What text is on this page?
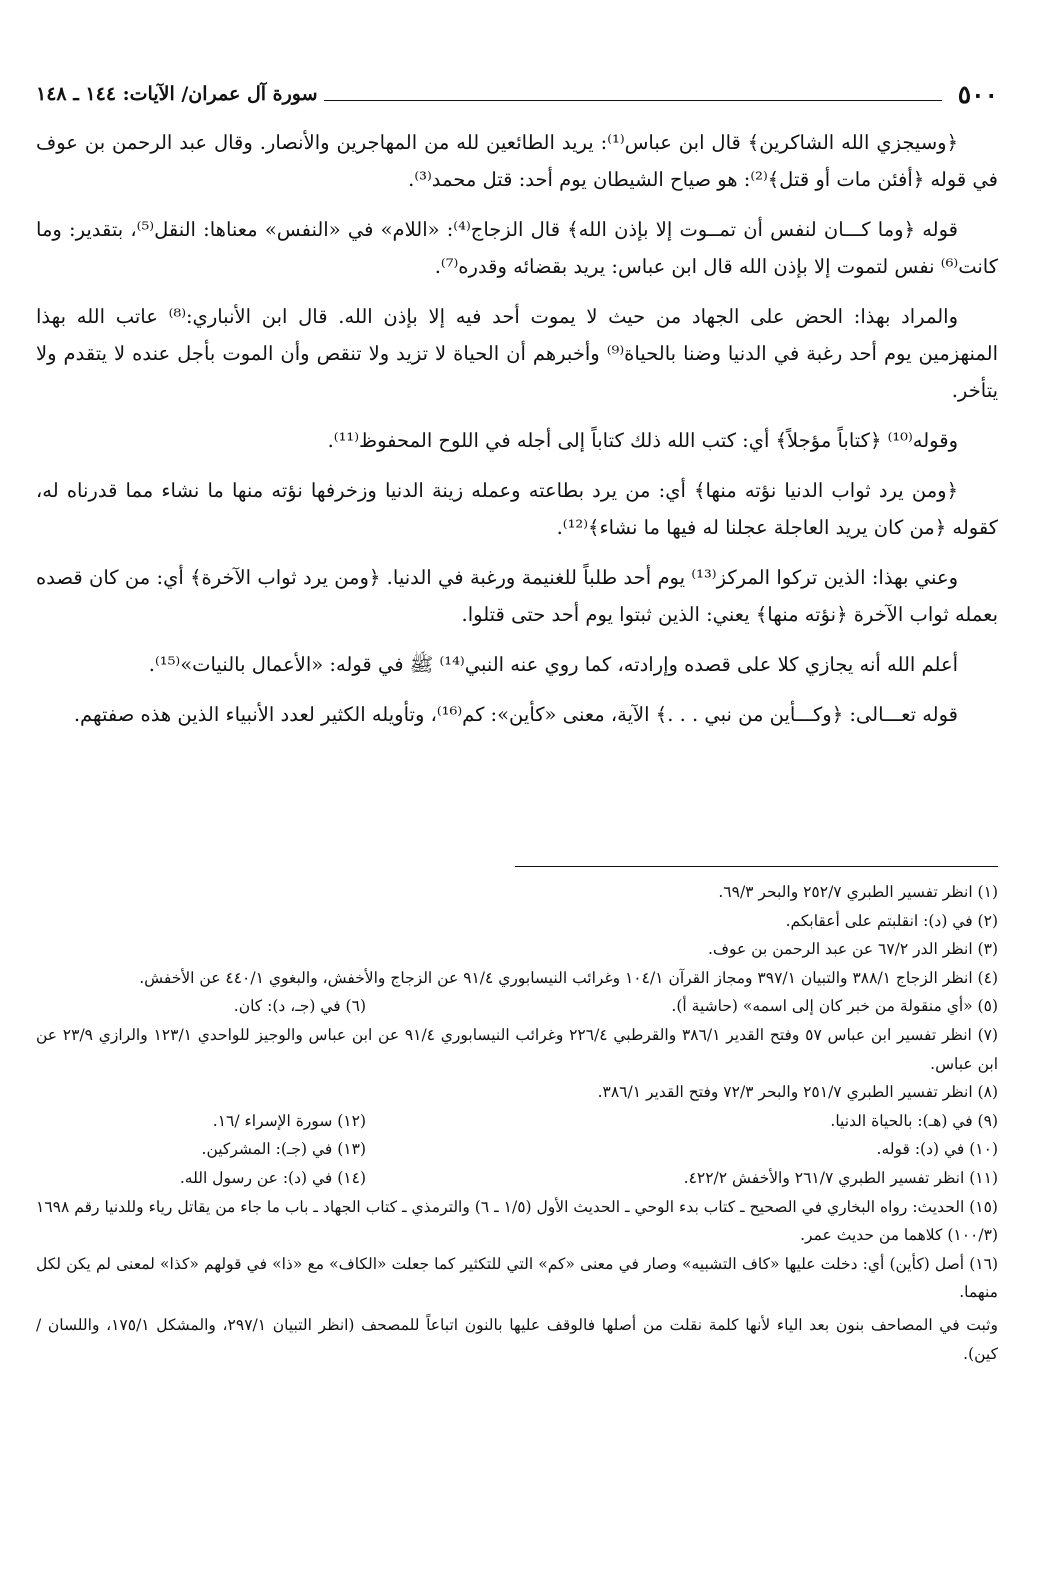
٥٠٠
سورة آل عمران/ الآيات: ١٤٤ ـ ١٤٨

﴿وسيجزي الله الشاكرين﴾ قال ابن عباس⁽¹⁾: يريد الطائعين لله من المهاجرين والأنصار. وقال عبد الرحمن بن عوف في قوله ﴿أفئن مات أو قتل﴾⁽²⁾: هو صياح الشيطان يوم أحد: قتل محمد⁽³⁾.

قوله ﴿وما كـــان لنفس أن تمــوت إلا بإذن الله﴾ قال الزجاج⁽⁴⁾: «اللام» في «النفس» معناها: النقل⁽⁵⁾، بتقدير: وما كانت⁽⁶⁾ نفس لتموت إلا بإذن الله قال ابن عباس: يريد بقضائه وقدره⁽⁷⁾.

والمراد بهذا: الحض على الجهاد من حيث لا يموت أحد فيه إلا بإذن الله. قال ابن الأنباري:⁽⁸⁾ عاتب الله بهذا المنهزمين يوم أحد رغبة في الدنيا وضنا بالحياة⁽⁹⁾ وأخبرهم أن الحياة لا تزيد ولا تنقص وأن الموت بأجل عنده لا يتقدم ولا يتأخر.

وقوله⁽¹⁰⁾ ﴿كتاباً مؤجلاً﴾ أي: كتب الله ذلك كتاباً إلى أجله في اللوح المحفوظ⁽¹¹⁾.

﴿ومن يرد ثواب الدنيا نؤته منها﴾ أي: من يرد بطاعته وعمله زينة الدنيا وزخرفها نؤته منها ما نشاء مما قدرناه له، كقوله ﴿من كان يريد العاجلة عجلنا له فيها ما نشاء﴾⁽¹²⁾.

وعني بهذا: الذين تركوا المركز⁽¹³⁾ يوم أحد طلباً للغنيمة ورغبة في الدنيا. ﴿ومن يرد ثواب الآخرة﴾ أي: من كان قصده بعمله ثواب الآخرة ﴿نؤته منها﴾ يعني: الذين ثبتوا يوم أحد حتى قتلوا.

أعلم الله أنه يجازي كلا على قصده وإرادته، كما روي عنه النبي⁽¹⁴⁾ ﷺ في قوله: «الأعمال بالنيات»⁽¹⁵⁾.

قوله تعـــالى: ﴿وكـــأين من نبي . . .﴾ الآية، معنى «كأين»: كم⁽¹⁶⁾، وتأويله الكثير لعدد الأنبياء الذين هذه صفتهم.

(١) انظر تفسير الطبري ٢٥٢/٧ والبحر ٦٩/٣.

(٢) في (د): انقلبتم على أعقابكم.

(٣) انظر الدر ٦٧/٢ عن عبد الرحمن بن عوف.

(٤) انظر الزجاج ٣٨٨/١ والتبيان ٣٩٧/١ ومجاز القرآن ١٠٤/١ وغرائب النيسابوري ٩١/٤ عن الزجاج والأخفش، والبغوي ٤٤٠/١ عن الأخفش.

(٥) «أي منقولة من خبر كان إلى اسمه» (حاشية أ).
(٦) في (جـ، د): كان.

(٧) انظر تفسير ابن عباس ٥٧ وفتح القدير ٣٨٦/١ والقرطبي ٢٢٦/٤ وغرائب النيسابوري ٩١/٤ عن ابن عباس والوجيز للواحدي ١٢٣/١ والرازي ٢٣/٩ عن ابن عباس.

(٨) انظر تفسير الطبري ٢٥١/٧ والبحر ٧٢/٣ وفتح القدير ٣٨٦/١.

(٩) في (هـ): بالحياة الدنيا.
(١٢) سورة الإسراء /١٦.
(١٠) في (د): قوله.
(١٣) في (جـ): المشركين.
(١١) انظر تفسير الطبري ٢٦١/٧ والأخفش ٤٢٢/٢.
(١٤) في (د): عن رسول الله.

(١٥) الحديث: رواه البخاري في الصحيح ـ كتاب بدء الوحي ـ الحديث الأول (١/٥ ـ ٦) والترمذي ـ كتاب الجهاد ـ باب ما جاء من يقاتل رياء وللدنيا رقم ١٦٩٨ (١٠٠/٣) كلاهما من حديث عمر.

(١٦) أصل (كأين) أي: دخلت عليها «كاف التشبيه» وصار في معنى «كم» التي للتكثير كما جعلت «الكاف» مع «ذا» في قولهم «كذا» لمعنى لم يكن لكل منهما.

وثبت في المصاحف بنون بعد الياء لأنها كلمة نقلت من أصلها فالوقف عليها بالنون اتباعاً للمصحف (انظر التبيان ٢٩٧/١، والمشكل ١٧٥/١، واللسان / كين).
